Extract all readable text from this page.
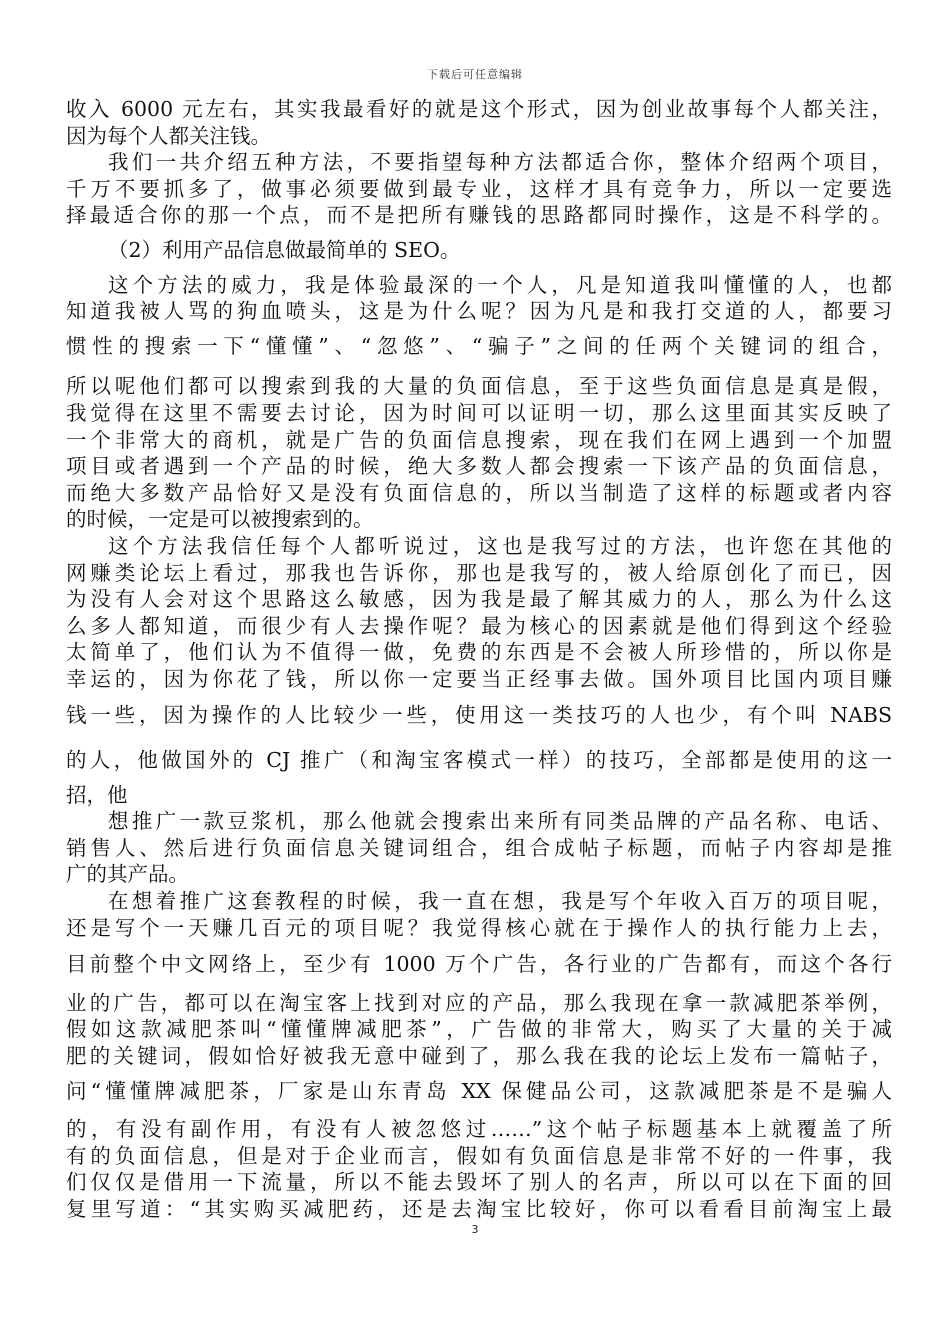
下载后可任意编辑
收入 6000 元左右，其实我最看好的就是这个形式，因为创业故事每个人都关注，
因为每个人都关注钱。
我们一共介绍五种方法，不要指望每种方法都适合你，整体介绍两个项目，
千万不要抓多了，做事必须要做到最专业，这样才具有竞争力，所以一定要选
择最适合你的那一个点，而不是把所有赚钱的思路都同时操作，这是不科学的。
（2）利用产品信息做最简单的 SEO。
这个方法的威力，我是体验最深的一个人，凡是知道我叫懂懂的人，也都
知道我被人骂的狗血喷头，这是为什么呢？因为凡是和我打交道的人，都要习
惯性的搜索一下“懂懂”、“忽悠”、“骗子”之间的任两个关键词的组合，
所以呢他们都可以搜索到我的大量的负面信息，至于这些负面信息是真是假，
我觉得在这里不需要去讨论，因为时间可以证明一切，那么这里面其实反映了
一个非常大的商机，就是广告的负面信息搜索，现在我们在网上遇到一个加盟
项目或者遇到一个产品的时候，绝大多数人都会搜索一下该产品的负面信息，
而绝大多数产品恰好又是没有负面信息的，所以当制造了这样的标题或者内容
的时候，一定是可以被搜索到的。
这个方法我信任每个人都听说过，这也是我写过的方法，也许您在其他的
网赚类论坛上看过，那我也告诉你，那也是我写的，被人给原创化了而已，因
为没有人会对这个思路这么敏感，因为我是最了解其威力的人，那么为什么这
么多人都知道，而很少有人去操作呢？最为核心的因素就是他们得到这个经验
太简单了，他们认为不值得一做，免费的东西是不会被人所珍惜的，所以你是
幸运的，因为你花了钱，所以你一定要当正经事去做。国外项目比国内项目赚
钱一些，因为操作的人比较少一些，使用这一类技巧的人也少，有个叫 NABS
的人，他做国外的 CJ 推广（和淘宝客模式一样）的技巧，全部都是使用的这一
招，他
想推广一款豆浆机，那么他就会搜索出来所有同类品牌的产品名称、电话、
销售人、然后进行负面信息关键词组合，组合成帖子标题，而帖子内容却是推
广的其产品。
在想着推广这套教程的时候，我一直在想，我是写个年收入百万的项目呢，
还是写个一天赚几百元的项目呢？我觉得核心就在于操作人的执行能力上去，
目前整个中文网络上，至少有 1000 万个广告，各行业的广告都有，而这个各行
业的广告，都可以在淘宝客上找到对应的产品，那么我现在拿一款减肥茶举例，
假如这款减肥茶叫“懂懂牌减肥茶”，广告做的非常大，购买了大量的关于减
肥的关键词，假如恰好被我无意中碰到了，那么我在我的论坛上发布一篇帖子，
问“懂懂牌减肥茶，厂家是山东青岛 XX 保健品公司，这款减肥茶是不是骗人
的，有没有副作用，有没有人被忽悠过……”这个帖子标题基本上就覆盖了所
有的负面信息，但是对于企业而言，假如有负面信息是非常不好的一件事，我
们仅仅是借用一下流量，所以不能去毁坏了别人的名声，所以可以在下面的回
复里写道：“其实购买减肥药，还是去淘宝比较好，你可以看看目前淘宝上最
3
